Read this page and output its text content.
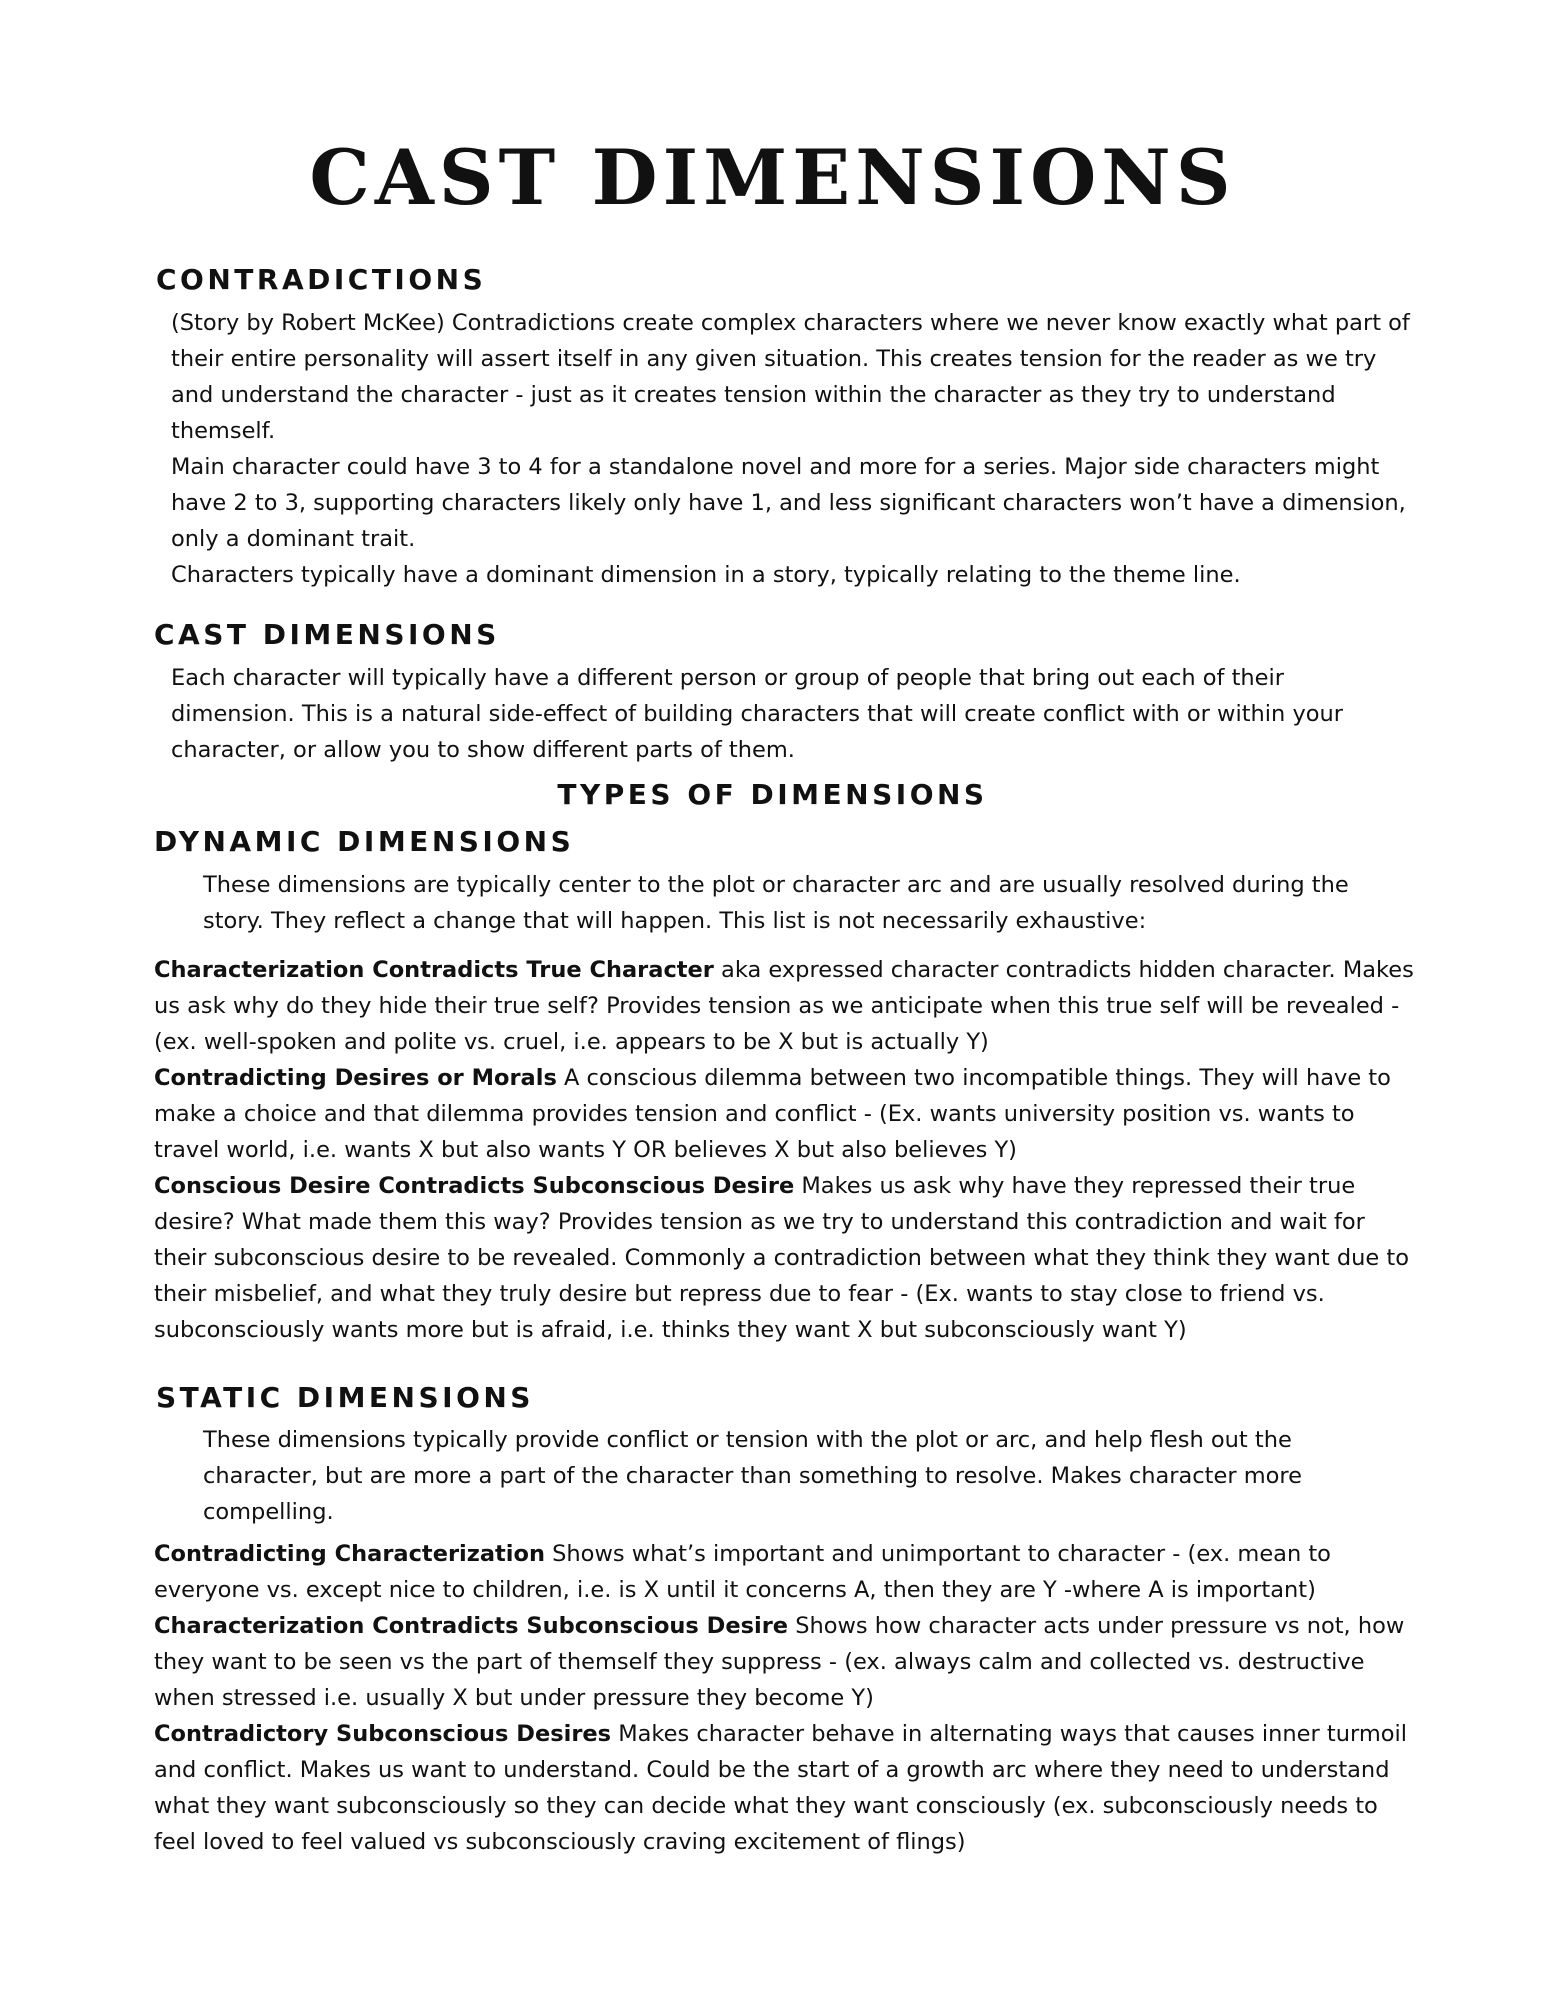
CAST DIMENSIONS
CONTRADICTIONS

(Story by Robert McKee) Contradictions create complex characters where we never know exactly what part of their entire personality will assert itself in any given situation. This creates tension for the reader as we try and understand the character - just as it creates tension within the character as they try to understand themself.

Main character could have 3 to 4 for a standalone novel and more for a series. Major side characters might have 2 to 3, supporting characters likely only have 1, and less significant characters won’t have a dimension, only a dominant trait.

Characters typically have a dominant dimension in a story, typically relating to the theme line.

CAST DIMENSIONS

Each character will typically have a different person or group of people that bring out each of their dimension. This is a natural side-effect of building characters that will create conflict with or within your character, or allow you to show different parts of them.

TYPES OF DIMENSIONS
DYNAMIC DIMENSIONS

These dimensions are typically center to the plot or character arc and are usually resolved during the story. They reflect a change that will happen. This list is not necessarily exhaustive:

Characterization Contradicts True Character aka expressed character contradicts hidden character. Makes us ask why do they hide their true self? Provides tension as we anticipate when this true self will be revealed - (ex. well-spoken and polite vs. cruel, i.e. appears to be X but is actually Y)

Contradicting Desires or Morals A conscious dilemma between two incompatible things. They will have to make a choice and that dilemma provides tension and conflict - (Ex. wants university position vs. wants to travel world, i.e. wants X but also wants Y OR believes X but also believes Y)

Conscious Desire Contradicts Subconscious Desire Makes us ask why have they repressed their true desire? What made them this way? Provides tension as we try to understand this contradiction and wait for their subconscious desire to be revealed. Commonly a contradiction between what they think they want due to their misbelief, and what they truly desire but repress due to fear - (Ex. wants to stay close to friend vs. subconsciously wants more but is afraid, i.e. thinks they want X but subconsciously want Y)

STATIC DIMENSIONS

These dimensions typically provide conflict or tension with the plot or arc, and help flesh out the character, but are more a part of the character than something to resolve. Makes character more compelling.

Contradicting Characterization Shows what’s important and unimportant to character - (ex. mean to everyone vs. except nice to children, i.e. is X until it concerns A, then they are Y -where A is important)

Characterization Contradicts Subconscious Desire Shows how character acts under pressure vs not, how they want to be seen vs the part of themself they suppress - (ex. always calm and collected vs. destructive when stressed i.e. usually X but under pressure they become Y)

Contradictory Subconscious Desires Makes character behave in alternating ways that causes inner turmoil and conflict. Makes us want to understand. Could be the start of a growth arc where they need to understand what they want subconsciously so they can decide what they want consciously (ex. subconsciously needs to feel loved to feel valued vs subconsciously craving excitement of flings)
